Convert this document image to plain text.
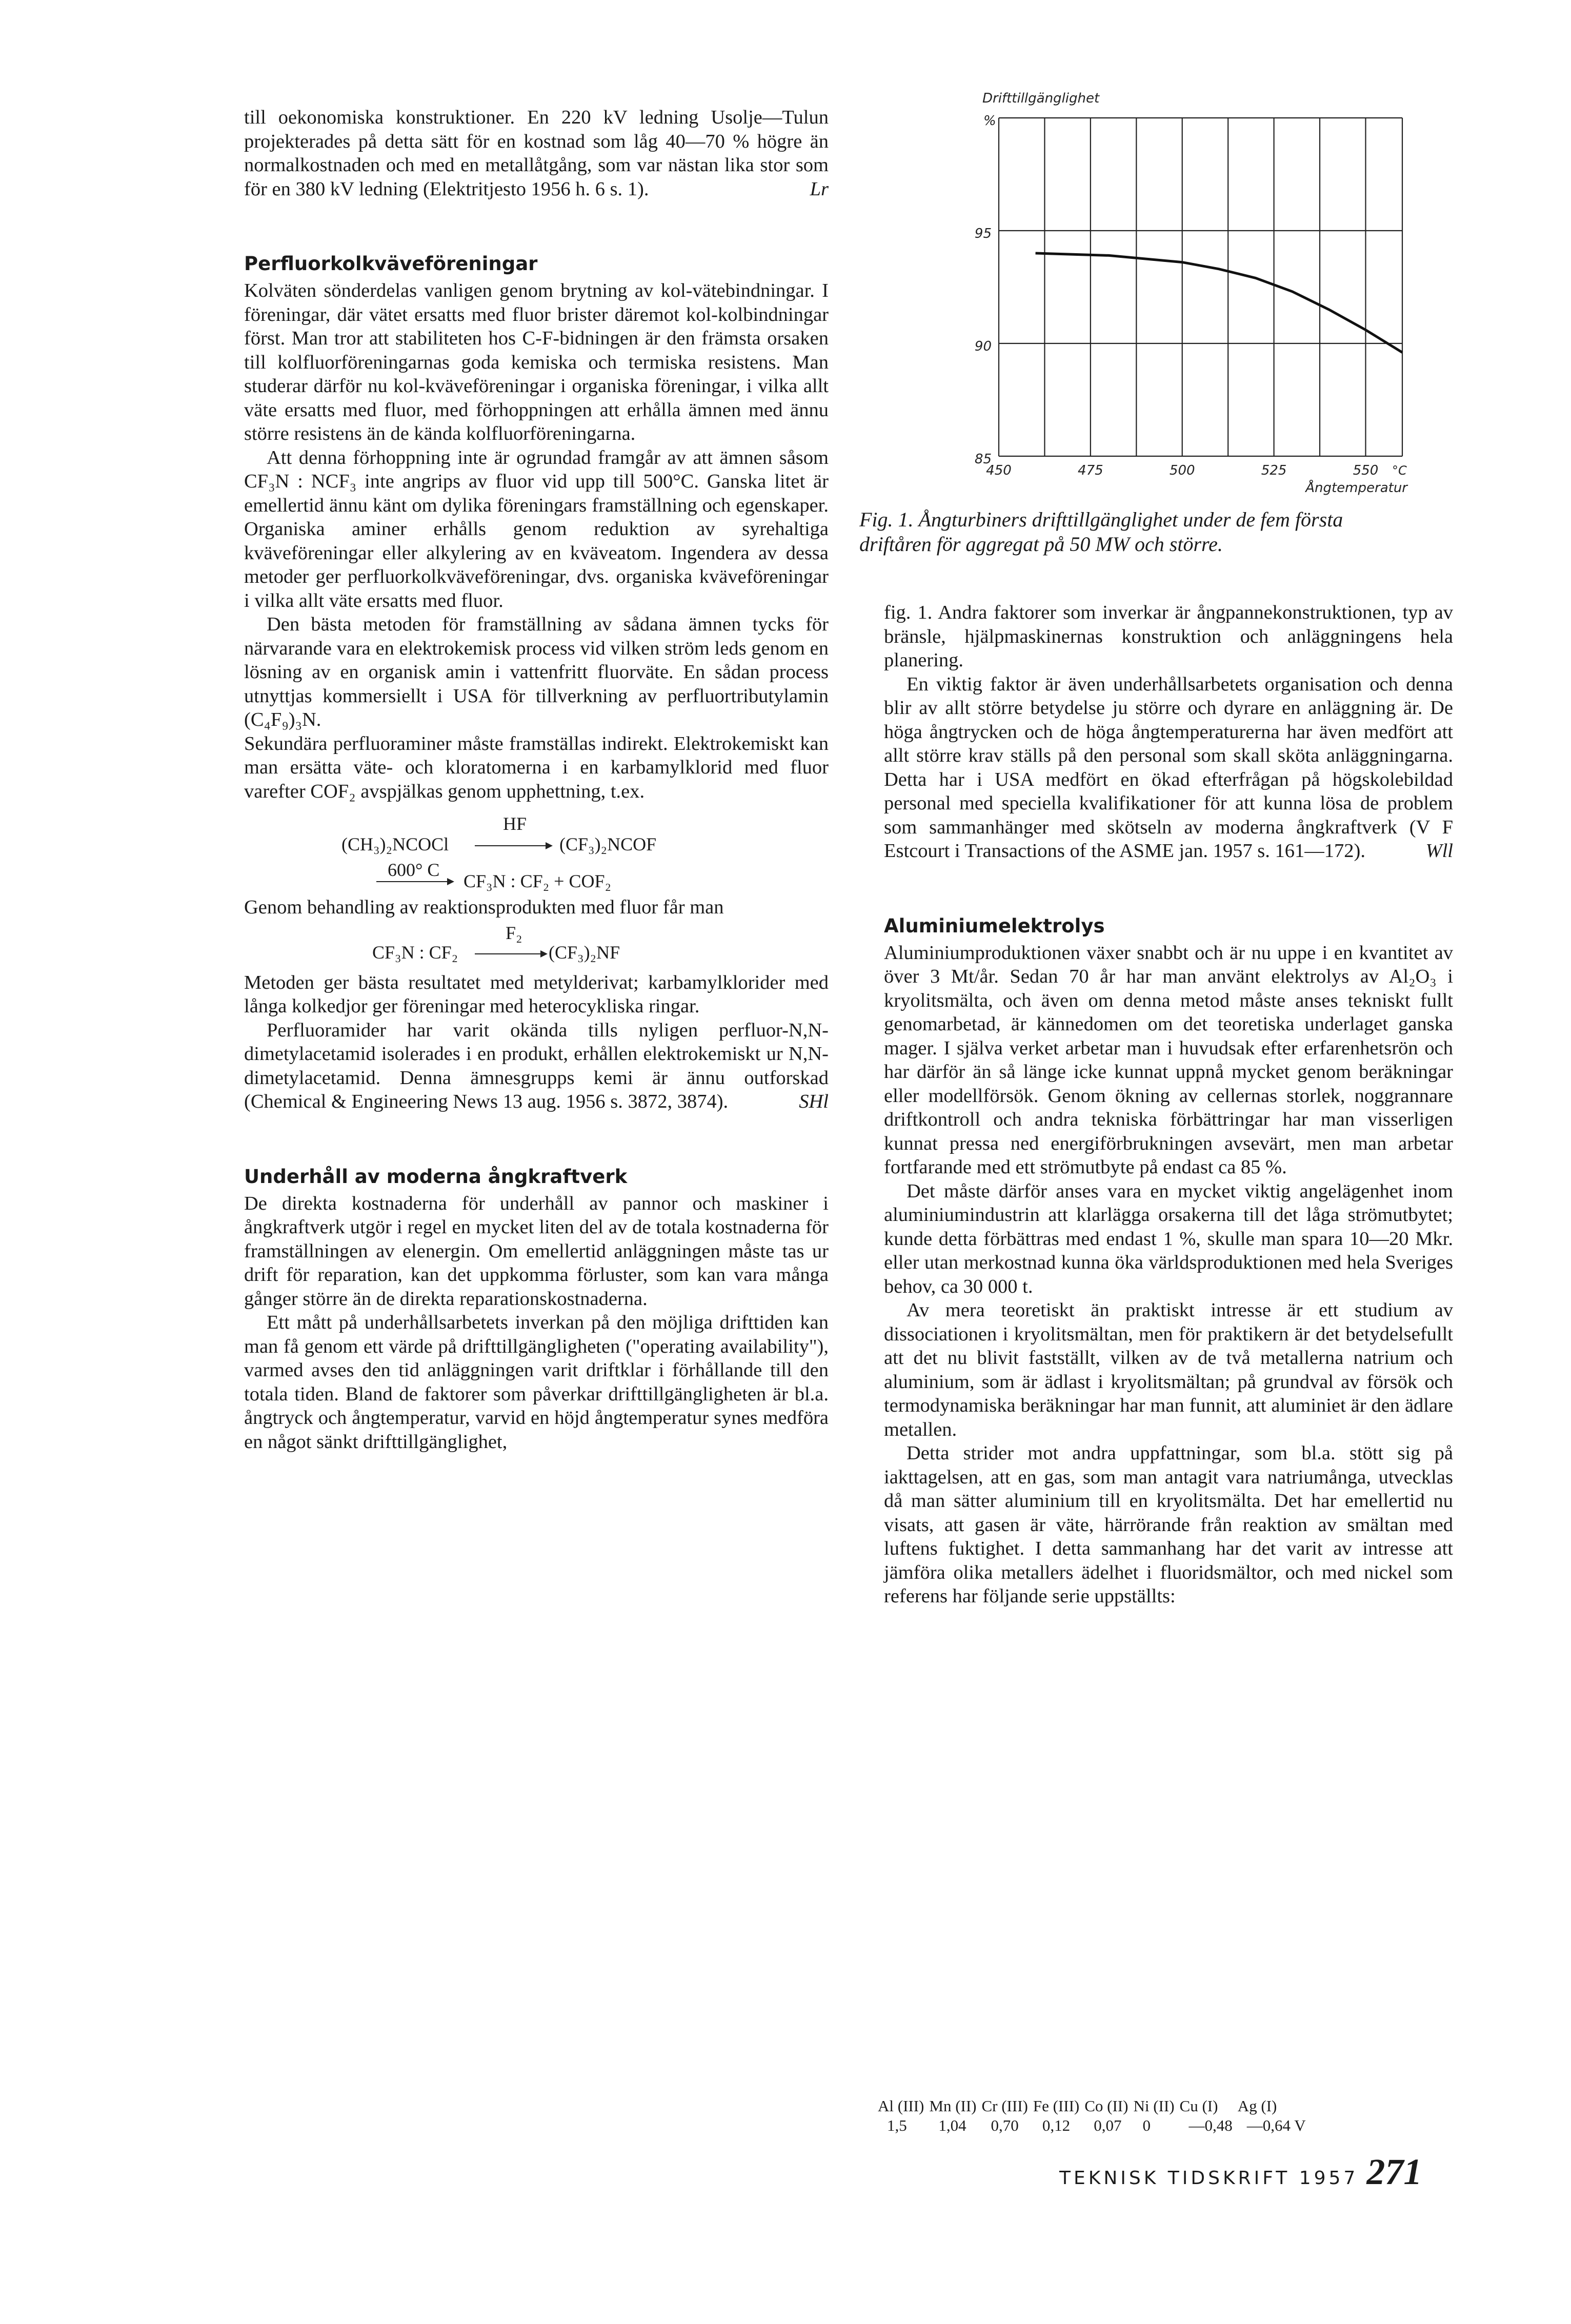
till oekonomiska konstruktioner. En 220 kV ledning Usolje—Tulun projekterades på detta sätt för en kostnad som låg 40—70 % högre än normalkostnaden och med en metallåtgång, som var nästan lika stor som för en 380 kV ledning (Elektritjesto 1956 h. 6 s. 1).	Lr

Perfluorkolkväveföreningar

Kolväten sönderdelas vanligen genom brytning av kol-vätebindningar. I föreningar, där vätet ersatts med fluor brister däremot kol-kolbindningar först. Man tror att stabiliteten hos C-F-bidningen är den främsta orsaken till kolfluorföreningarnas goda kemiska och termiska resistens. Man studerar därför nu kol-kväveföreningar i organiska föreningar, i vilka allt väte ersatts med fluor, med förhoppningen att erhålla ämnen med ännu större resistens än de kända kolfluorföreningarna.

Att denna förhoppning inte är ogrundad framgår av att ämnen såsom CF₃N : NCF₃ inte angrips av fluor vid upp till 500°C. Ganska litet är emellertid ännu känt om dylika föreningars framställning och egenskaper. Organiska aminer erhålls genom reduktion av syrehaltiga kväveföreningar eller alkylering av en kväveatom. Ingendera av dessa metoder ger perfluorkolkväveföreningar, dvs. organiska kväveföreningar i vilka allt väte ersatts med fluor.

Den bästa metoden för framställning av sådana ämnen tycks för närvarande vara en elektrokemisk process vid vilken ström leds genom en lösning av en organisk amin i vattenfritt fluorväte. En sådan process utnyttjas kommersiellt i USA för tillverkning av perfluortributylamin (C₄F₉)₃N.

Sekundära perfluoraminer måste framställas indirekt. Elektrokemiskt kan man ersätta väte- och kloratomerna i en karbamylklorid med fluor varefter COF₂ avspjälkas genom upphettning, t.ex.

(CH₃)₂NCOCl
HF
(CF₃)₂NCOF
600° C
CF₃N : CF₂ + COF₂

Genom behandling av reaktionsprodukten med fluor får man

CF₃N : CF₂
F₂
→ (CF₃)₂NF

Metoden ger bästa resultatet med metylderivat; karbamylklorider med långa kolkedjor ger föreningar med heterocykliska ringar.

Perfluoramider har varit okända tills nyligen perfluor-N,N-dimetylacetamid isolerades i en produkt, erhållen elektrokemiskt ur N,N-dimetylacetamid. Denna ämnesgrupps kemi är ännu outforskad (Chemical & Engineering News 13 aug. 1956 s. 3872, 3874).	SHl

Underhåll av moderna ångkraftverk

De direkta kostnaderna för underhåll av pannor och maskiner i ångkraftverk utgör i regel en mycket liten del av de totala kostnaderna för framställningen av elenergin. Om emellertid anläggningen måste tas ur drift för reparation, kan det uppkomma förluster, som kan vara många gånger större än de direkta reparationskostnaderna.

Ett mått på underhållsarbetets inverkan på den möjliga drifttiden kan man få genom ett värde på drifttillgängligheten ("operating availability"), varmed avses den tid anläggningen varit driftklar i förhållande till den totala tiden. Bland de faktorer som påverkar drifttillgängligheten är bl.a. ångtryck och ångtemperatur, varvid en höjd ångtemperatur synes medföra en något sänkt drifttillgänglighet,

85
90
95
450	475	500	525	550
Drifttillgänglighet
%
°C
Ångtemperatur
Fig. 1. Ångturbiners drifttillgänglighet under de fem första driftåren för aggregat på 50 MW och större.

fig. 1. Andra faktorer som inverkar är ångpannekonstruktionen, typ av bränsle, hjälpmaskinernas konstruktion och anläggningens hela planering.

En viktig faktor är även underhållsarbetets organisation och denna blir av allt större betydelse ju större och dyrare en anläggning är. De höga ångtrycken och de höga ångtemperaturerna har även medfört att allt större krav ställs på den personal som skall sköta anläggningarna. Detta har i USA medfört en ökad efterfrågan på högskolebildad personal med speciella kvalifikationer för att kunna lösa de problem som sammanhänger med skötseln av moderna ångkraftverk (V F Estcourt i Transactions of the ASME jan. 1957 s. 161—172).	Wll

Aluminiumelektrolys

Aluminiumproduktionen växer snabbt och är nu uppe i en kvantitet av över 3 Mt/år. Sedan 70 år har man använt elektrolys av Al₂O₃ i kryolitsmälta, och även om denna metod måste anses tekniskt fullt genomarbetad, är kännedomen om det teoretiska underlaget ganska mager. I själva verket arbetar man i huvudsak efter erfarenhetsrön och har därför än så länge icke kunnat uppnå mycket genom beräkningar eller modellförsök. Genom ökning av cellernas storlek, noggrannare driftkontroll och andra tekniska förbättringar har man visserligen kunnat pressa ned energiförbrukningen avsevärt, men man arbetar fortfarande med ett strömutbyte på endast ca 85 %.

Det måste därför anses vara en mycket viktig angelägenhet inom aluminiumindustrin att klarlägga orsakerna till det låga strömutbytet; kunde detta förbättras med endast 1 %, skulle man spara 10—20 Mkr. eller utan merkostnad kunna öka världsproduktionen med hela Sveriges behov, ca 30 000 t.

Av mera teoretiskt än praktiskt intresse är ett studium av dissociationen i kryolitsmältan, men för praktikern är det betydelsefullt att det nu blivit fastställt, vilken av de två metallerna natrium och aluminium, som är ädlast i kryolitsmältan; på grundval av försök och termodynamiska beräkningar har man funnit, att aluminiet är den ädlare metallen.

Detta strider mot andra uppfattningar, som bl.a. stött sig på iakttagelsen, att en gas, som man antagit vara natriumånga, utvecklas då man sätter aluminium till en kryolitsmälta. Det har emellertid nu visats, att gasen är väte, härrörande från reaktion av smältan med luftens fuktighet. I detta sammanhang har det varit av intresse att jämföra olika metallers ädelhet i fluoridsmältor, och med nickel som referens har följande serie uppställts:

Al (III)	Mn (II)	Cr (III)	Fe (III)	Co (II)	Ni (II)	Cu (I)	Ag (I)
1,5	1,04	0,70	0,12	0,07	0	—0,48	—0,64 V
TEKNISK TIDSKRIFT 1957 271
